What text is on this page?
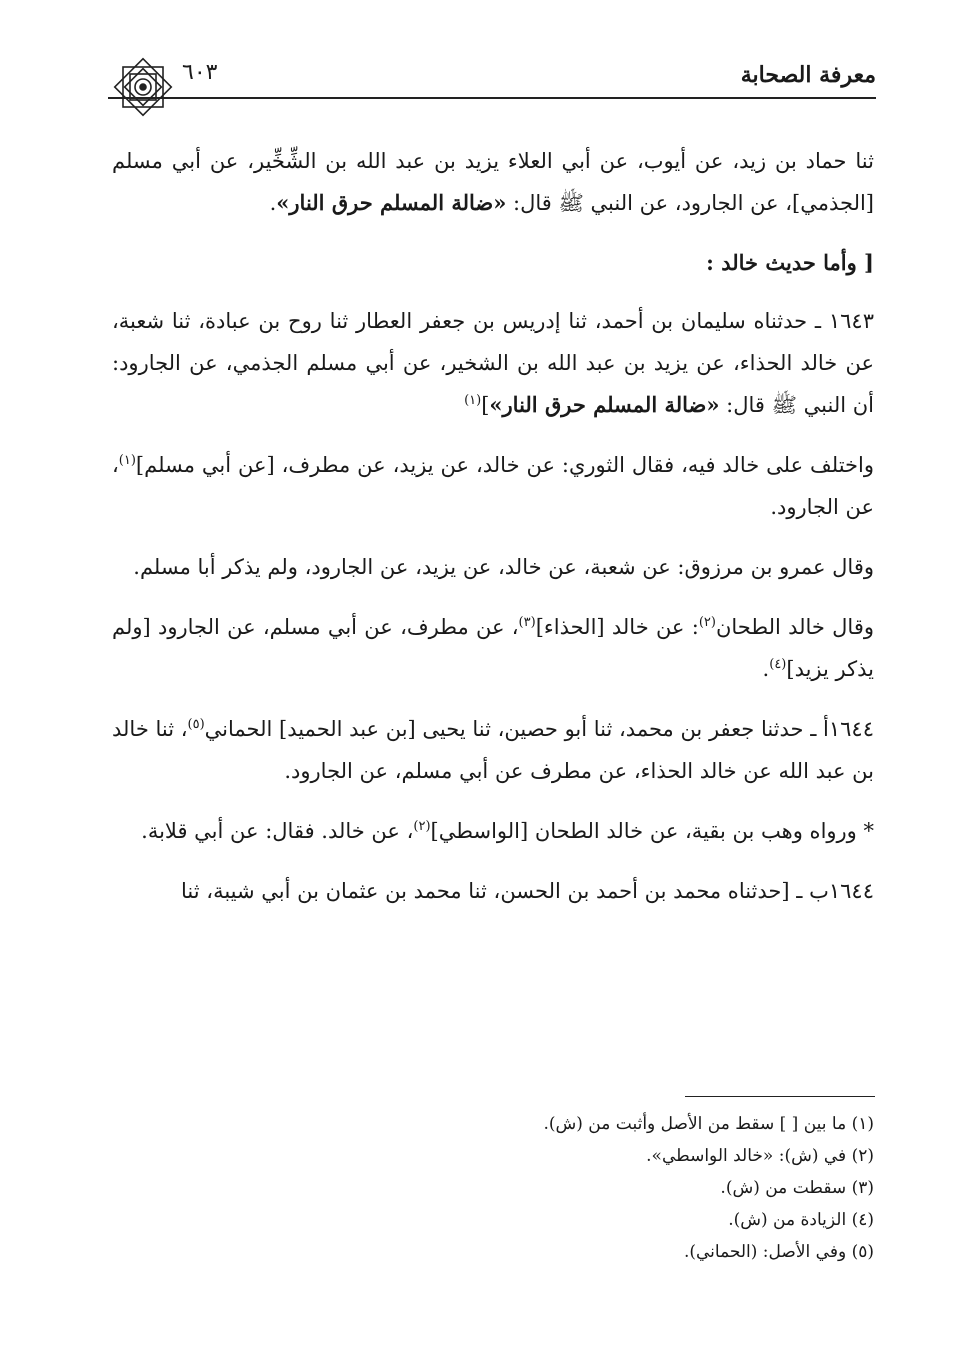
معرفة الصحابة
٦٠٣

ثنا حماد بن زيد، عن أيوب، عن أبي العلاء يزيد بن عبد الله بن الشِّخِّير، عن أبي مسلم [الجذمي]، عن الجارود، عن النبي ﷺ قال: «ضالة المسلم حرق النار».

[ وأما حديث خالد :

١٦٤٣ ـ حدثناه سليمان بن أحمد، ثنا إدريس بن جعفر العطار ثنا روح بن عبادة، ثنا شعبة، عن خالد الحذاء، عن يزيد بن عبد الله بن الشخير، عن أبي مسلم الجذمي، عن الجارود: أن النبي ﷺ قال: «ضالة المسلم حرق النار»]$^{(١)}$

واختلف على خالد فيه، فقال الثوري: عن خالد، عن يزيد، عن مطرف، [عن أبي مسلم]$^{(١)}$، عن الجارود.

وقال عمرو بن مرزوق: عن شعبة، عن خالد، عن يزيد، عن الجارود، ولم يذكر أبا مسلم.

وقال خالد الطحان$^{(٢)}$: عن خالد [الحذاء]$^{(٣)}$، عن مطرف، عن أبي مسلم، عن الجارود [ولم يذكر يزيد]$^{(٤)}$.

١٦٤٤أ ـ حدثنا جعفر بن محمد، ثنا أبو حصين، ثنا يحيى [بن عبد الحميد] الحماني$^{(٥)}$، ثنا خالد بن عبد الله عن خالد الحذاء، عن مطرف عن أبي مسلم، عن الجارود.

* ورواه وهب بن بقية، عن خالد الطحان [الواسطي]$^{(٢)}$، عن خالد. فقال: عن أبي قلابة.

١٦٤٤ب ـ [حدثناه محمد بن أحمد بن الحسن، ثنا محمد بن عثمان بن أبي شيبة، ثنا

(١) ما بين [ ] سقط من الأصل وأثبت من (ش).
(٢) في (ش): «خالد الواسطي».
(٣) سقطت من (ش).
(٤) الزيادة من (ش).
(٥) وفي الأصل: (الحماني).
